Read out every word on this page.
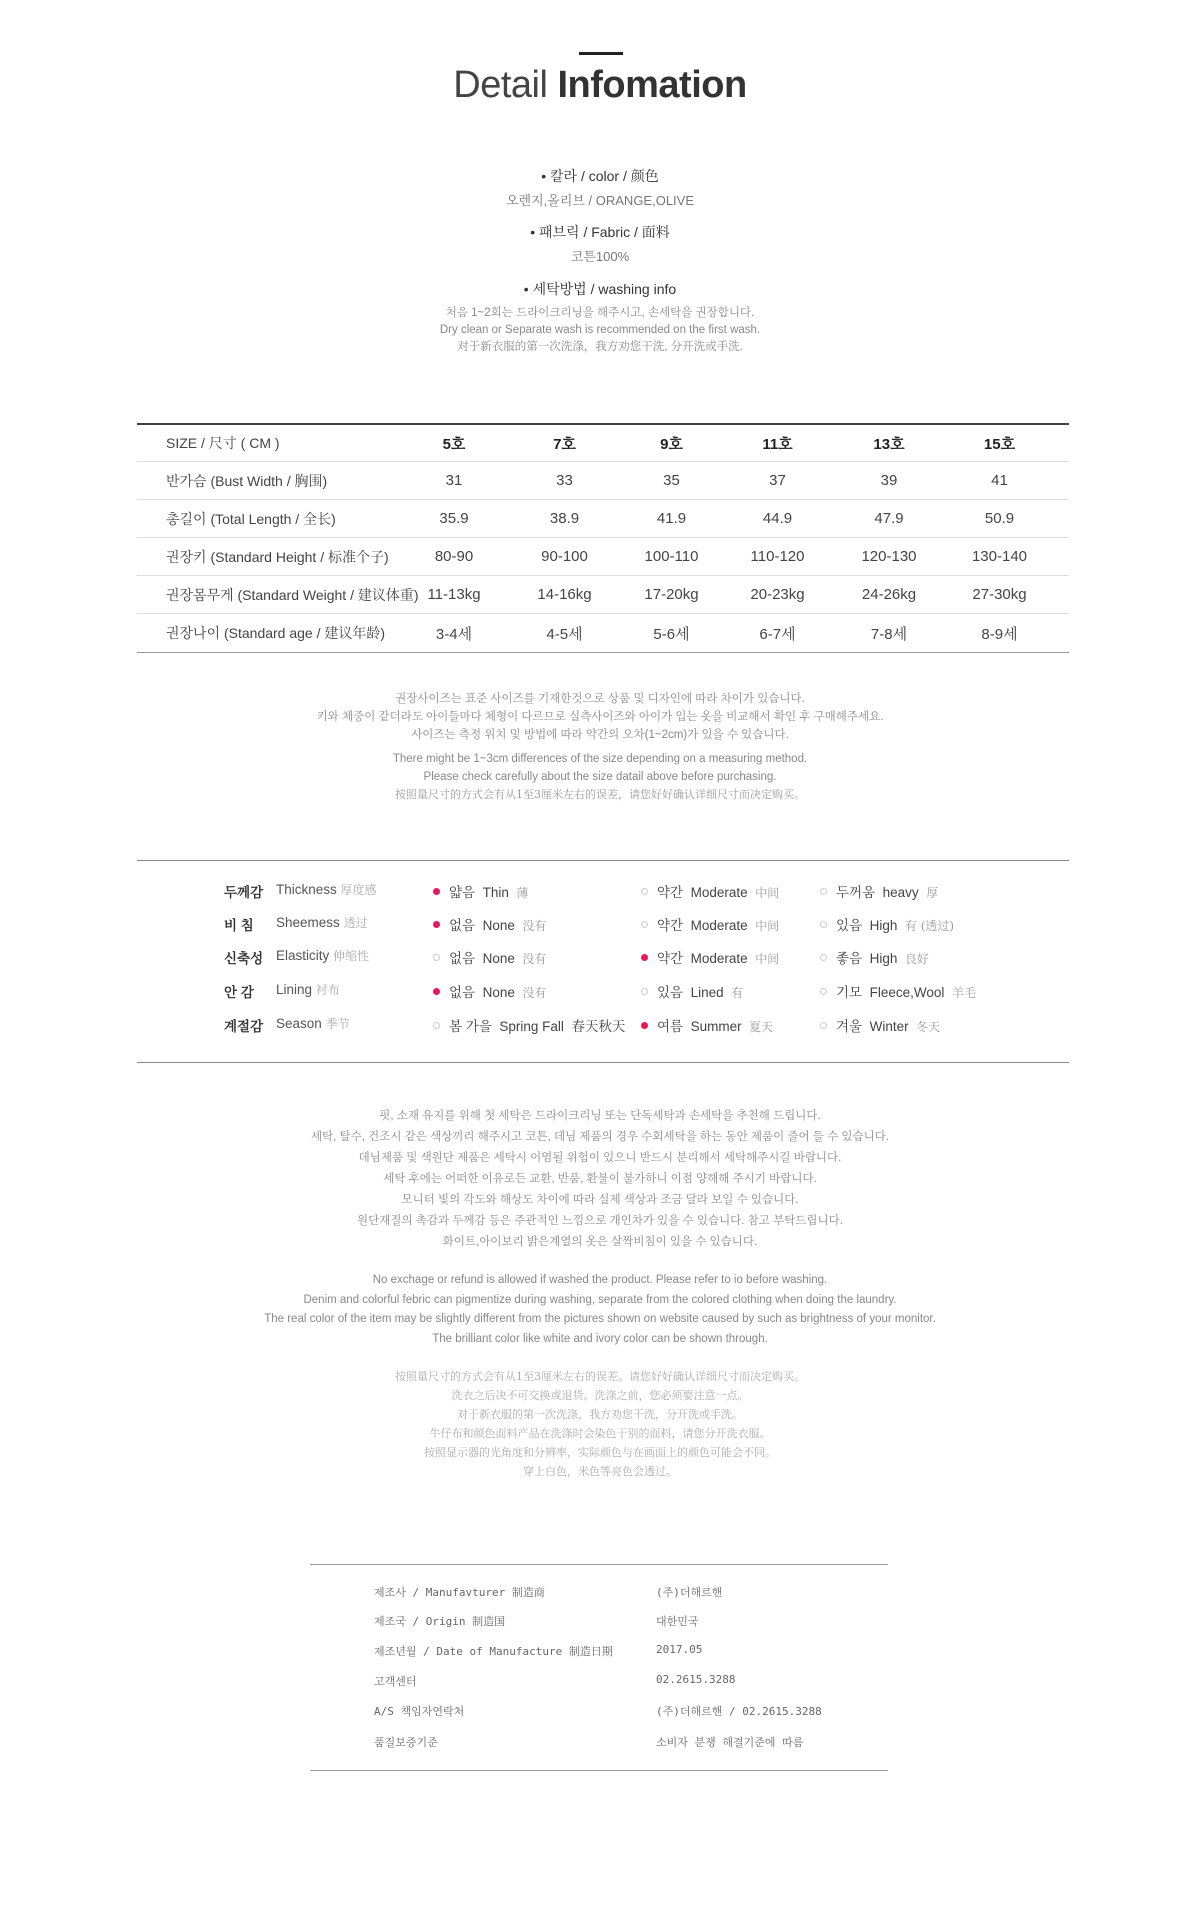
Detail Infomation
• 칼라 / color / 颜色
오렌지,올리브 / ORANGE,OLIVE
• 패브릭 / Fabric / 面料
코튼100%
• 세탁방법 / washing info
처음 1~2회는 드라이크리닝을 해주시고, 손세탁을 권장합니다.
Dry clean or Separate wash is recommended on the first wash.
对于新衣服的第一次洗涤，我方劝您干洗, 分开洗或手洗.
SIZE / 尺寸 ( CM )	5호	7호	9호	11호	13호	15호
반가슴 (Bust Width / 胸围)	31	33	35	37	39	41
총길이 (Total Length / 全长)	35.9	38.9	41.9	44.9	47.9	50.9
권장키 (Standard Height / 标准个子)	80-90	90-100	100-110	110-120	120-130	130-140
권장몸무게 (Standard Weight / 建议体重) 11-13kg	14-16kg	17-20kg	20-23kg	24-26kg	27-30kg
권장나이 (Standard age / 建议年龄)	3-4세	4-5세	5-6세	6-7세	7-8세	8-9세
권장사이즈는 표준 사이즈를 기재한것으로 상품 및 디자인에 따라 차이가 있습니다.
키와 체중이 같더라도 아이들마다 체형이 다르므로 실측사이즈와 아이가 입는 옷을 비교해서 확인 후 구매해주세요.
사이즈는 측정 위치 및 방법에 따라 약간의 오차(1~2cm)가 있을 수 있습니다.
There might be 1~3cm differences of the size depending on a measuring method.
Please check carefully about the size datail above before purchasing.
按照量尺寸的方式会有从1至3厘米左右的误差，请您好好确认详细尺寸而决定购买。
두께감 Thickness 厚度感	얇음 Thin 薄	약간 Moderate 中间	두꺼움 heavy 厚
비 침 Sheemess 透过	없음 None 没有	약간 Moderate 中间	있음 High 有 (透过)
신축성 Elasticity 伸缩性	없음 None 没有	약간 Moderate 中间	좋음 High 良好
안 감 Lining 衬布	없음 None 没有	있음 Lined 有	기모 Fleece,Wool 羊毛
계절감 Season 季节	봄 가을 Spring Fall 春天秋天	여름 Summer 夏天	겨울 Winter 冬天
핏, 소재 유지를 위해 첫 세탁은 드라이크리닝 또는 단독세탁과 손세탁을 추천해 드립니다.
세탁, 탈수, 건조시 같은 색상끼리 해주시고 코튼, 데님 제품의 경우 수회세탁을 하는 동안 제품이 줄어 들 수 있습니다.
데님제품 및 색원단 제품은 세탁시 이염될 위험이 있으니 반드시 분리해서 세탁해주시길 바랍니다.
세탁 후에는 어떠한 이유로든 교환, 반품, 환불이 불가하니 이점 양해해 주시기 바랍니다.
모니터 빛의 각도와 해상도 차이에 따라 실제 색상과 조금 달라 보일 수 있습니다.
원단재질의 촉감과 두께감 등은 주관적인 느낌으로 개인차가 있을 수 있습니다. 참고 부탁드립니다.
화이트,아이보리 밝은계열의 옷은 살짝비침이 있을 수 있습니다.
No exchage or refund is allowed if washed the product. Please refer to io before washing.
Denim and colorful febric can pigmentize during washing, separate from the colored clothing when doing the laundry.
The real color of the item may be slightly different from the pictures shown on website caused by such as brightness of your monitor.
The brilliant color like white and ivory color can be shown through.
按照量尺寸的方式会有从1至3厘米左右的误差。请您好好确认详细尺寸而决定购买。
洗衣之后决不可交换或退货。洗涤之前，您必须要注意一点。
对于新衣服的第一次洗涤，我方劝您干洗，分开洗或手洗。
牛仔布和颜色面料产品在洗涤时会染色于别的面料，请您分开洗衣服。
按照显示器的光角度和分辨率，实际颜色与在画面上的颜色可能会不同。
穿上白色，米色等亮色会透过。
제조사 / Manufavturer 制造商	(주)더해르핸
제조국 / Origin 制造国	대한민국
제조년월 / Date of Manufacture 制造日期	2017.05
고객센터	02.2615.3288
A/S 책임자연락처	(주)더해르핸 / 02.2615.3288
품질보증기준	소비자 분쟁 해결기준에 따름
